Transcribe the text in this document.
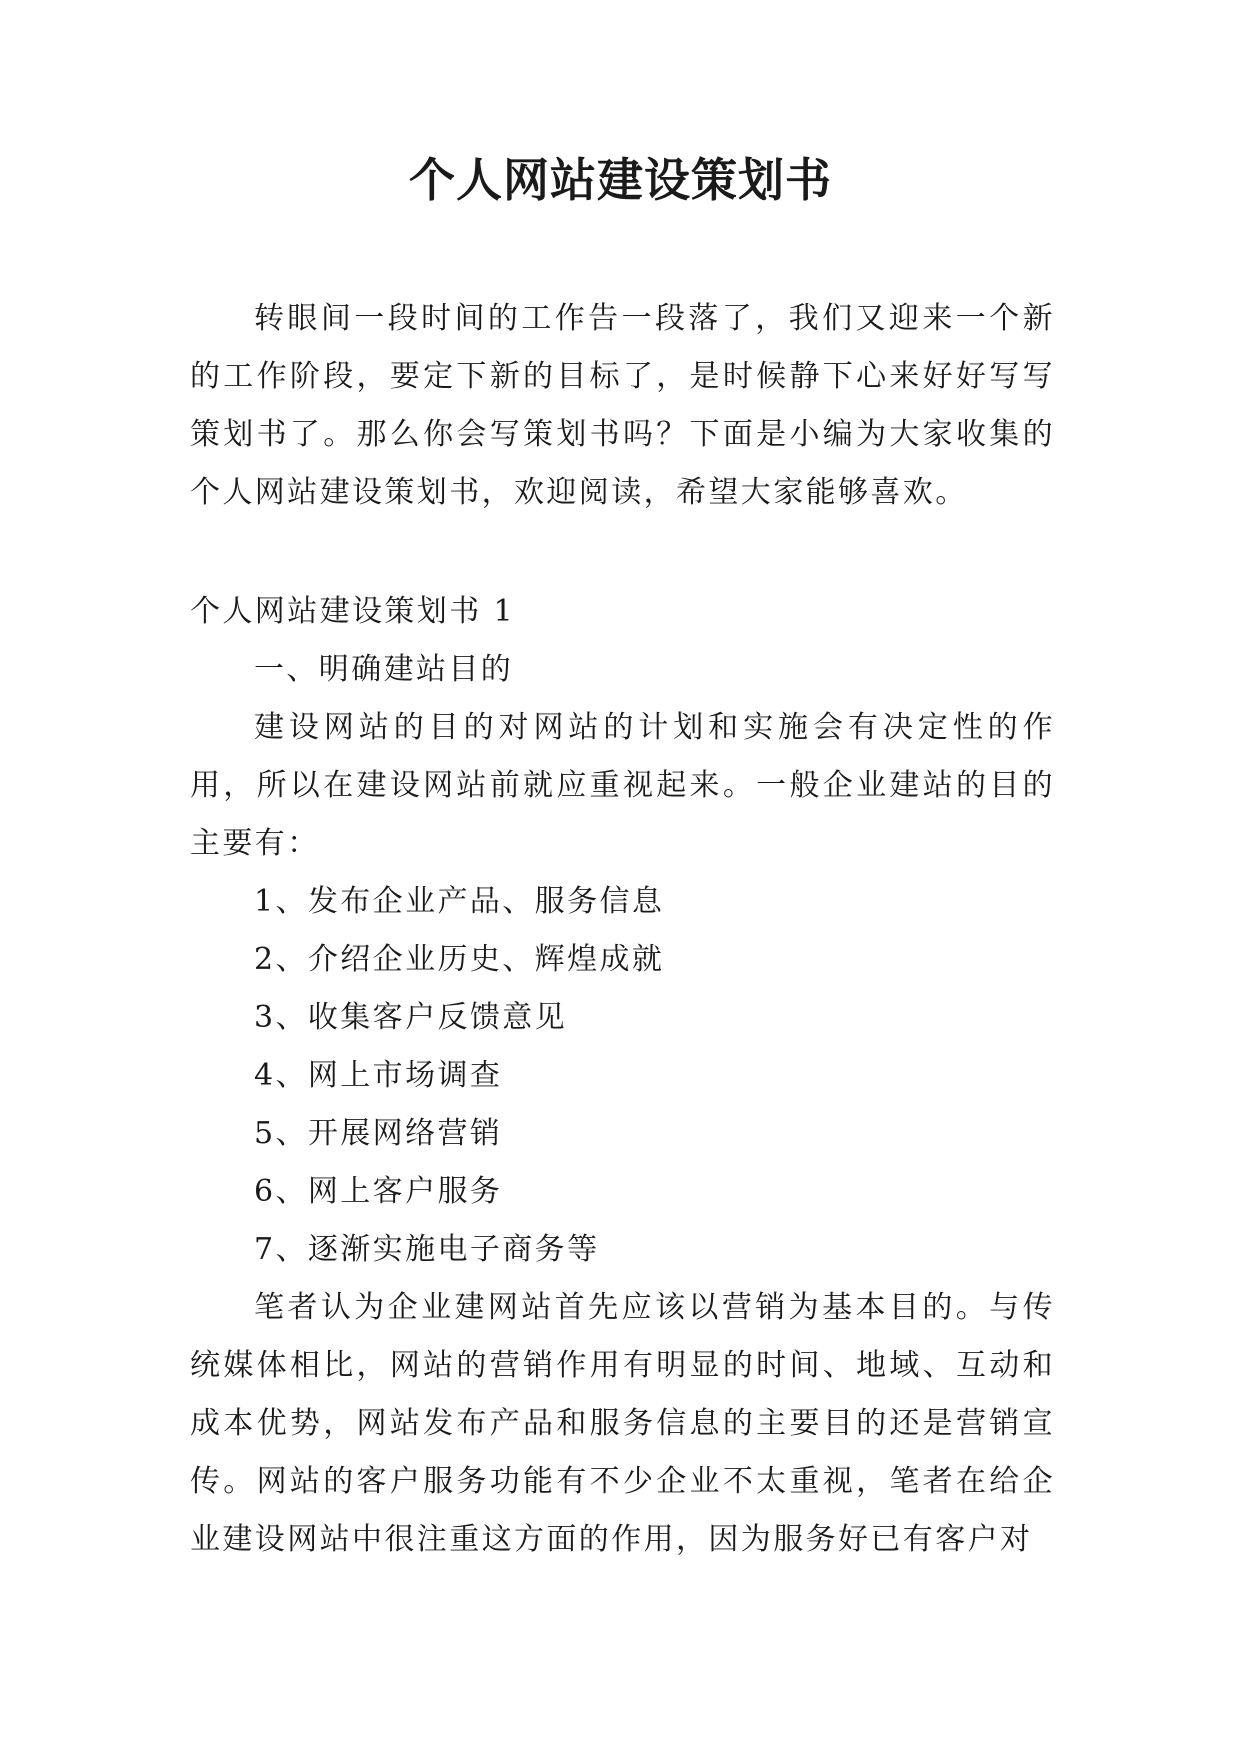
个人网站建设策划书

转眼间一段时间的工作告一段落了，我们又迎来一个新的工作阶段，要定下新的目标了，是时候静下心来好好写写策划书了。那么你会写策划书吗？下面是小编为大家收集的个人网站建设策划书，欢迎阅读，希望大家能够喜欢。

个人网站建设策划书 1

一、明确建站目的

建设网站的目的对网站的计划和实施会有决定性的作用，所以在建设网站前就应重视起来。一般企业建站的目的主要有：

1、发布企业产品、服务信息
2、介绍企业历史、辉煌成就
3、收集客户反馈意见
4、网上市场调查
5、开展网络营销
6、网上客户服务
7、逐渐实施电子商务等

笔者认为企业建网站首先应该以营销为基本目的。与传统媒体相比，网站的营销作用有明显的时间、地域、互动和成本优势，网站发布产品和服务信息的主要目的还是营销宣传。网站的客户服务功能有不少企业不太重视，笔者在给企业建设网站中很注重这方面的作用，因为服务好已有客户对
